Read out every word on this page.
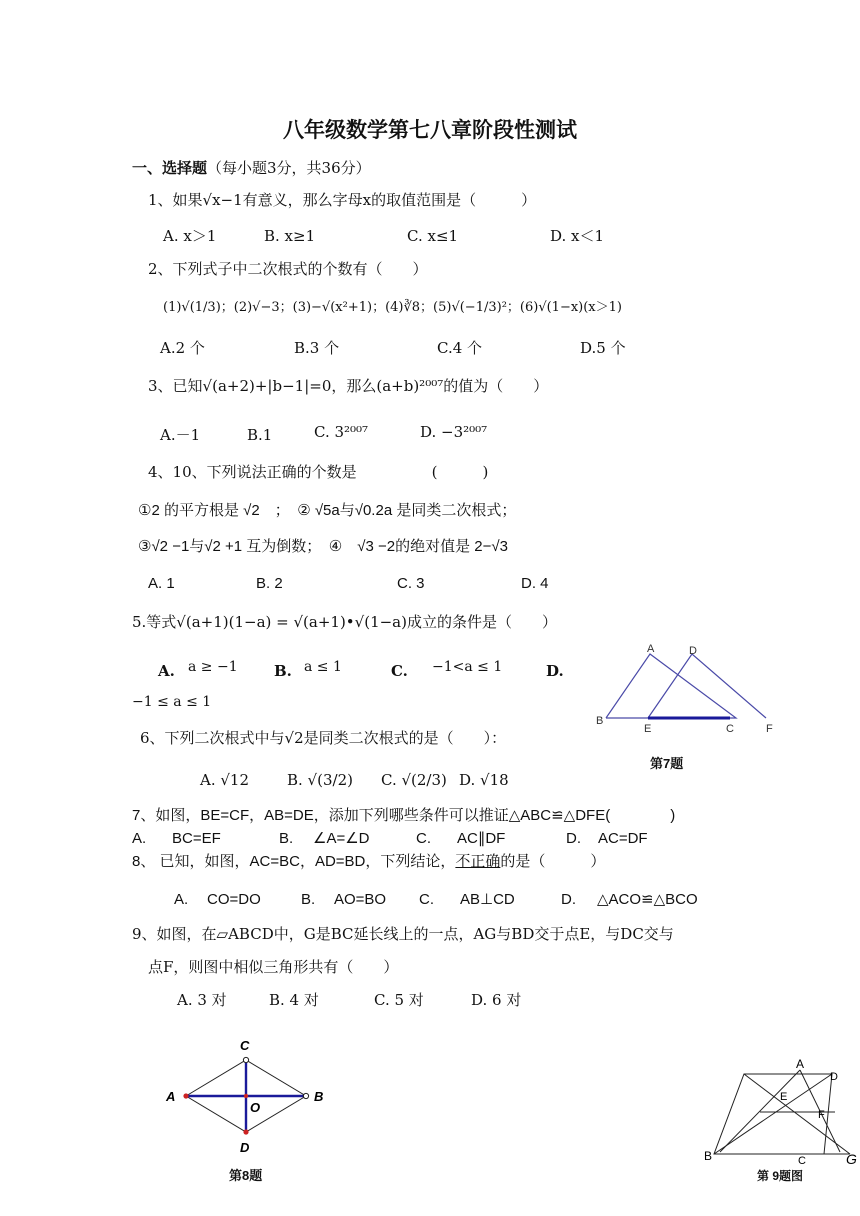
八年级数学第七八章阶段性测试
一、选择题（每小题3分，共36分）
1、如果√x−1有意义，那么字母x的取值范围是（　　　）
A. x＞1	B. x≥1	C. x≤1	D. x＜1
2、下列式子中二次根式的个数有（　　）
(1)√(1/3)；(2)√−3；(3)−√(x²+1)；(4)∛8；(5)√(−1/3)²；(6)√(1−x)(x＞1)
A.2 个	B.3 个	C.4 个	D.5 个
3、已知√(a+2)+|b−1|=0，那么(a+b)²⁰⁰⁷的值为（　　）
A.－1	B.1	C. 3²⁰⁰⁷	D. −3²⁰⁰⁷
4、10、下列说法正确的个数是　　　　　(　　　)
①2 的平方根是 √2　；　② √5a与√0.2a 是同类二次根式；
③√2 −1与√2 +1 互为倒数；　④　√3 −2的绝对值是 2−√3
A. 1	B. 2	C. 3	D. 4
5.等式√(a+1)(1−a) = √(a+1)•√(1−a)成立的条件是（　　）
A. a ≥ −1 B. a ≤ 1	C. −1<a ≤ 1	D.
−1 ≤ a ≤ 1
A	D
B
E	C	F
第7题
6、下列二次根式中与√2是同类二次根式的是（　　）：
A. √12	B. √(3/2) C. √(2/3) D. √18
7、如图，BE=CF，AB=DE，添加下列哪些条件可以推证△ABC≌△DFE(　　　　)
A. BC=EF	B. ∠A=∠D	C. AC∥DF	D. AC=DF
8、 已知，如图，AC=BC，AD=BD，下列结论，不正确的是（　　　）
A. CO=DO	B. AO=BO C. AB⊥CD	D. △ACO≌△BCO
9、如图，在▱ABCD中，G是BC延长线上的一点，AG与BD交于点E，与DC交与
点F，则图中相似三角形共有（　　）
A. 3 对	B. 4 对	C. 5 对	D. 6 对
C
A
O
B
D
第8题
A
D
E
F
B	C	G
第 9题图
